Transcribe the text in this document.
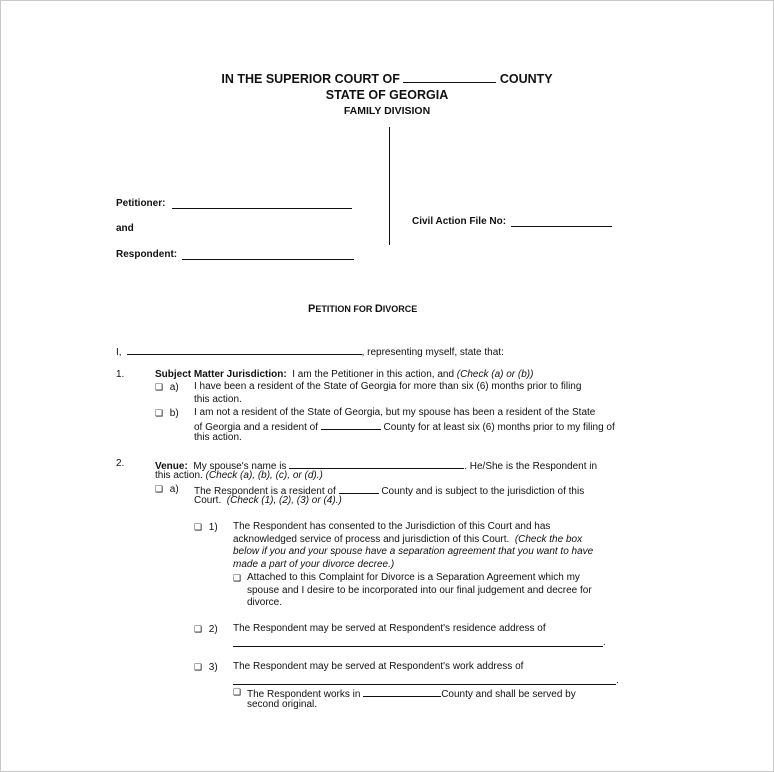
IN THE SUPERIOR COURT OF	COUNTY
STATE OF GEORGIA
FAMILY DIVISION
Petitioner:
and
Respondent:
Civil Action File No:
PETITION FOR DIVORCE
I,	, representing myself, state that:
1.	Subject Matter Jurisdiction: I am the Petitioner in this action, and (Check (a) or (b))
❑ a) I have been a resident of the State of Georgia for more than six (6) months prior to filing
this action.
❑ b) I am not a resident of the State of Georgia, but my spouse has been a resident of the State
of Georgia and a resident of	County for at least six (6) months prior to my filing of
this action.
2.	Venue: My spouse's name is	. He/She is the Respondent in
this action. (Check (a), (b), (c), or (d).)
❑ a) The Respondent is a resident of	County and is subject to the jurisdiction of this
Court. (Check (1), (2), (3) or (4).)
❑ 1) The Respondent has consented to the Jurisdiction of this Court and has
acknowledged service of process and jurisdiction of this Court. (Check the box
below if you and your spouse have a separation agreement that you want to have
made a part of your divorce decree.)
❑ Attached to this Complaint for Divorce is a Separation Agreement which my
spouse and I desire to be incorporated into our final judgement and decree for
divorce.
❑ 2) The Respondent may be served at Respondent's residence address of
.
❑ 3) The Respondent may be served at Respondent's work address of
.
❑ The Respondent works in	County and shall be served by
second original.
